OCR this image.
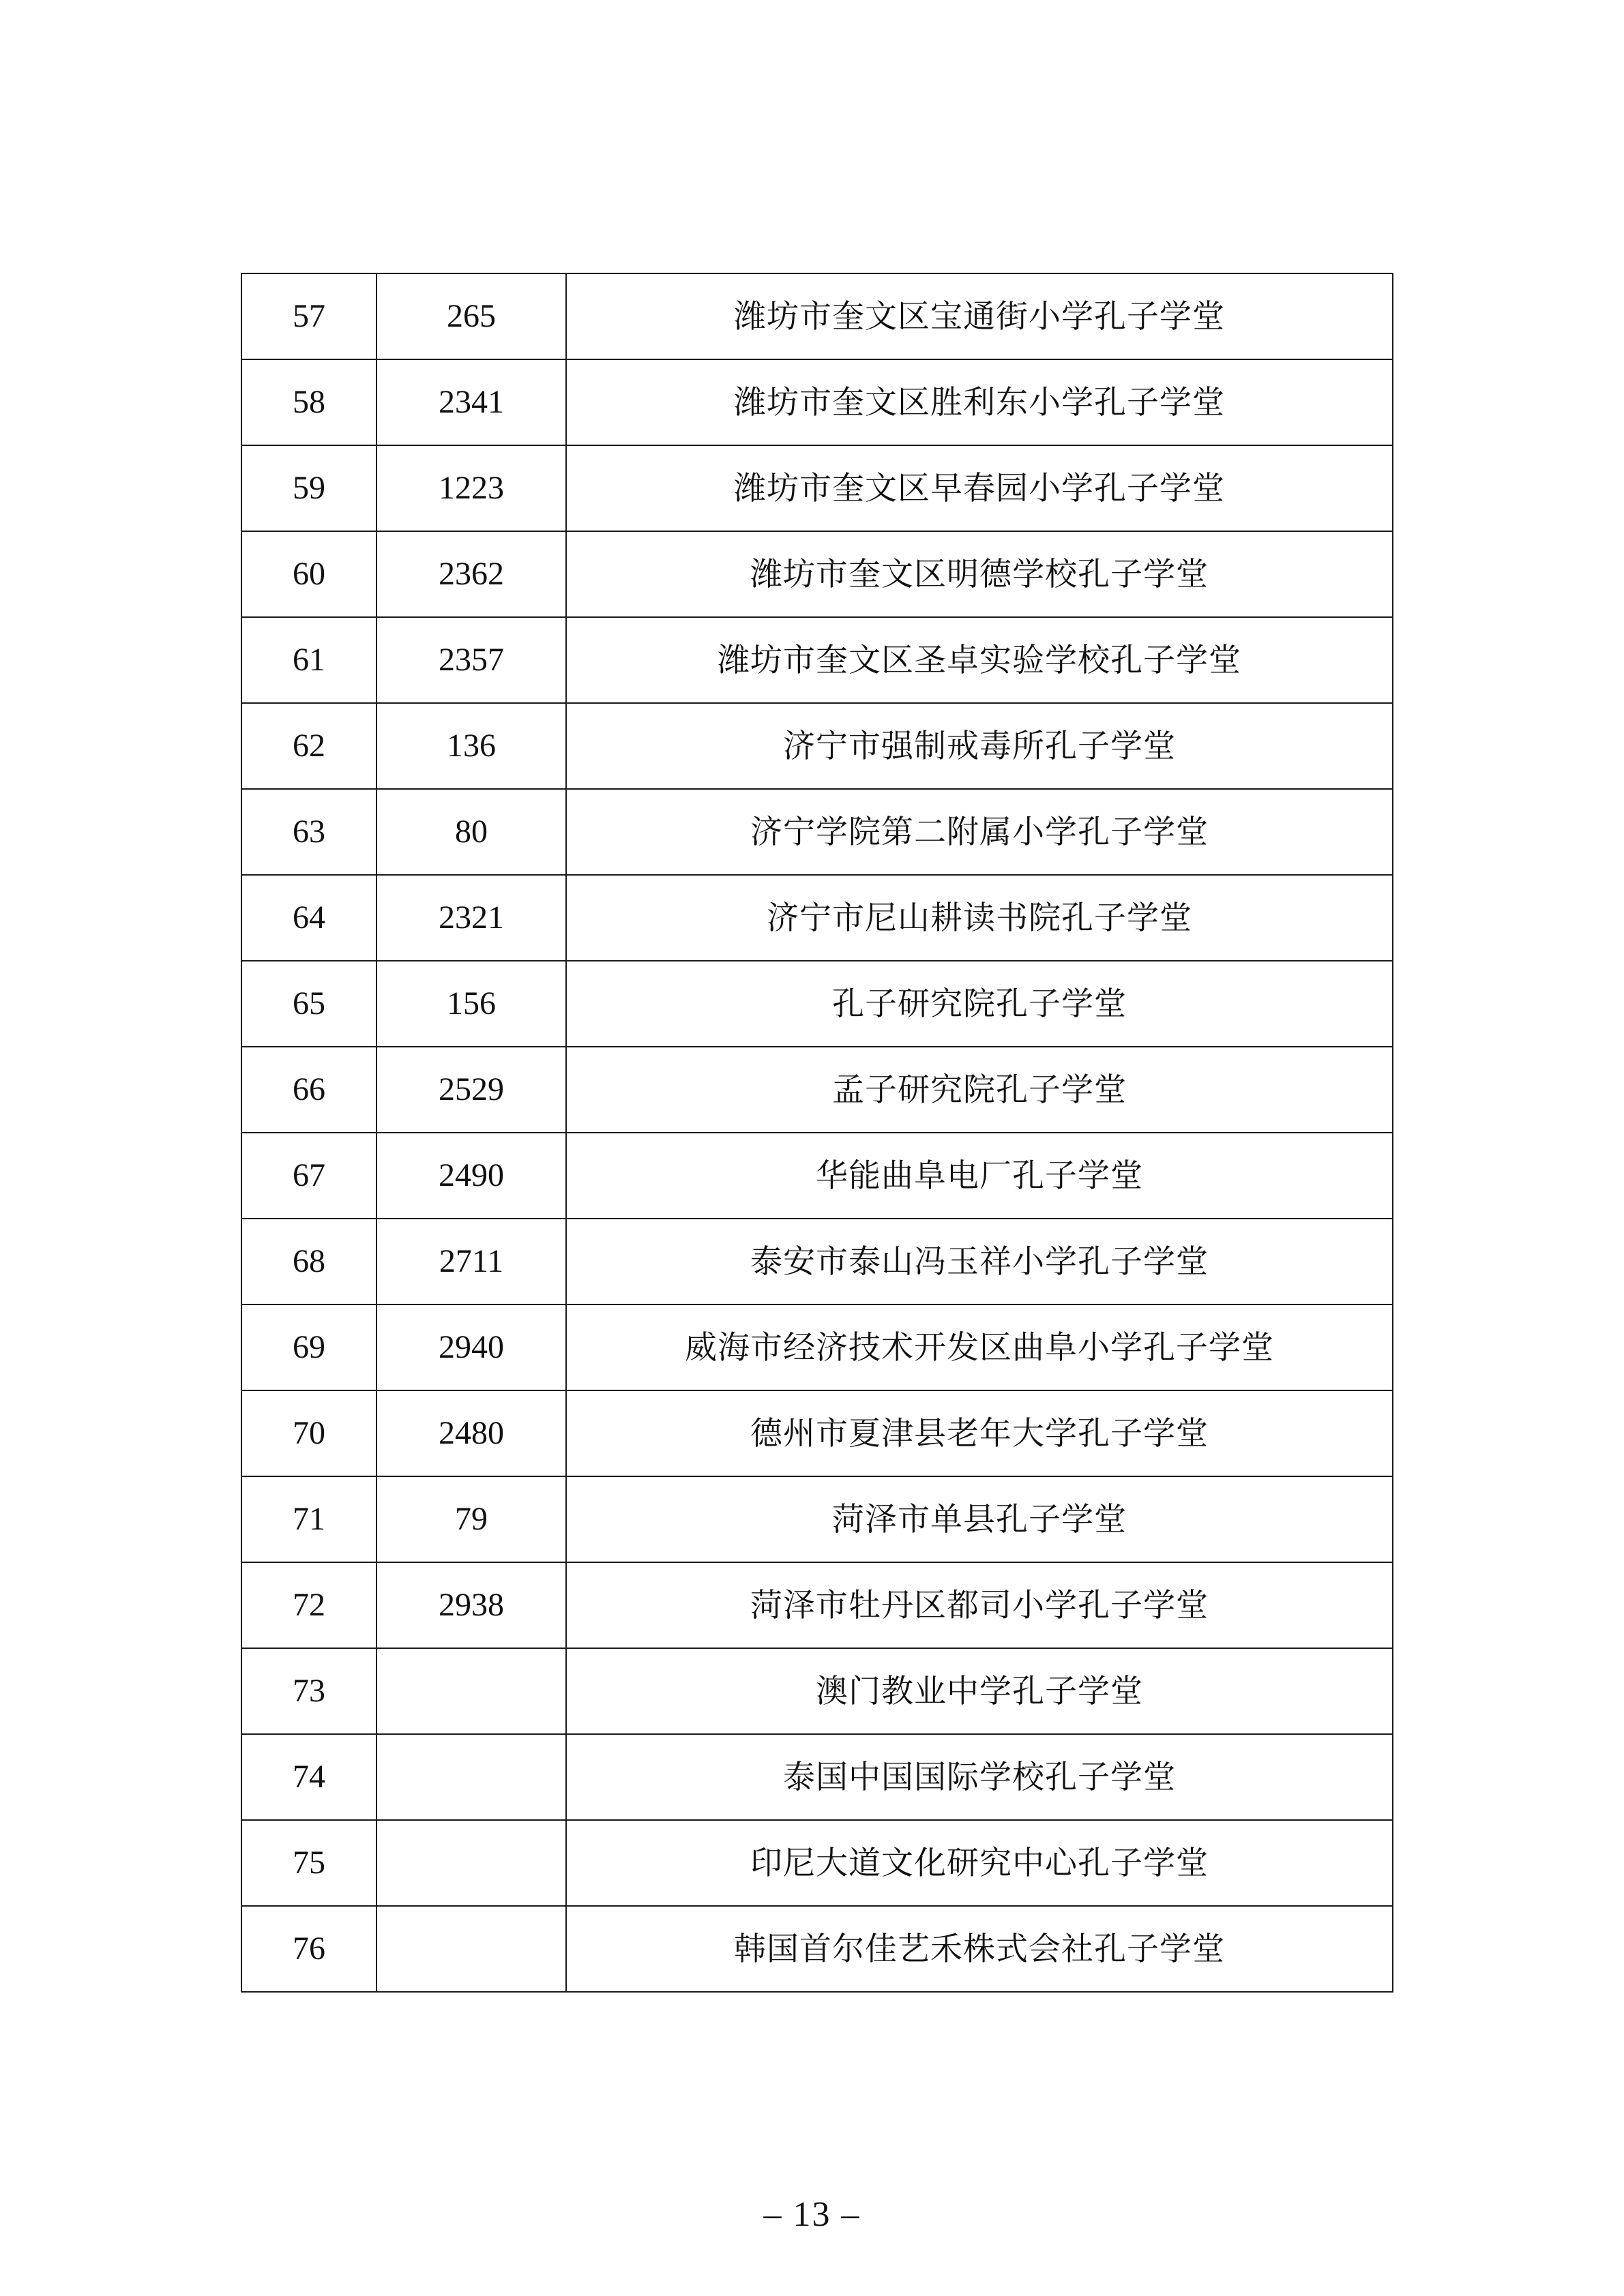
57	265	潍坊市奎文区宝通街小学孔子学堂
58	2341	潍坊市奎文区胜利东小学孔子学堂
59	1223	潍坊市奎文区早春园小学孔子学堂
60	2362	潍坊市奎文区明德学校孔子学堂
61	2357	潍坊市奎文区圣卓实验学校孔子学堂
62	136	济宁市强制戒毒所孔子学堂
63	80	济宁学院第二附属小学孔子学堂
64	2321	济宁市尼山耕读书院孔子学堂
65	156	孔子研究院孔子学堂
66	2529	孟子研究院孔子学堂
67	2490	华能曲阜电厂孔子学堂
68	2711	泰安市泰山冯玉祥小学孔子学堂
69	2940	威海市经济技术开发区曲阜小学孔子学堂
70	2480	德州市夏津县老年大学孔子学堂
71	79	菏泽市单县孔子学堂
72	2938	菏泽市牡丹区都司小学孔子学堂
73		澳门教业中学孔子学堂
74		泰国中国国际学校孔子学堂
75		印尼大道文化研究中心孔子学堂
76		韩国首尔佳艺禾株式会社孔子学堂
– 13 –
